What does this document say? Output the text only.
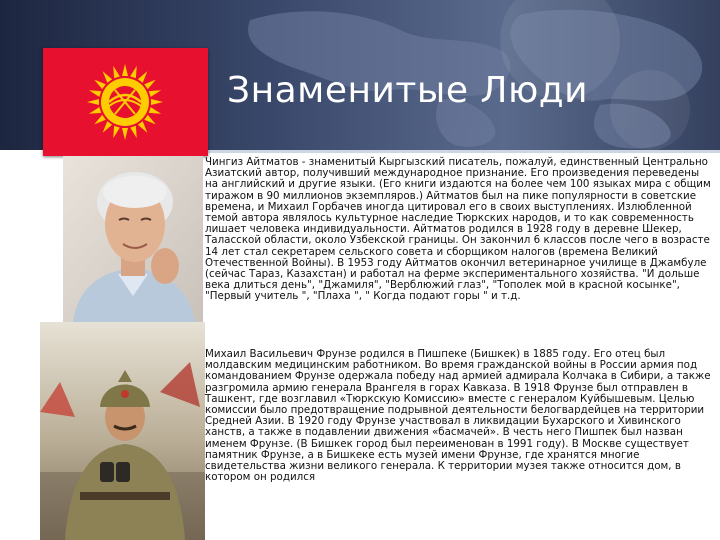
Знаменитые Люди

Чингиз Айтматов - знаменитый Кыргызский писатель, пожалуй, единственный Центрально Азиатский автор, получивший международное признание. Его произведения переведены на английский и другие языки. (Его книги издаются на более чем 100 языках мира с общим тиражом в 90 миллионов экземпляров.) Айтматов был на пике популярности в советские времена, и Михаил Горбачев иногда цитировал его в своих выступлениях. Излюбленной темой автора являлось культурное наследие Тюркских народов, и то как современность лишает человека индивидуальности. Айтматов родился в 1928 году в деревне Шекер, Таласской области, около Узбекской границы. Он закончил 6 классов после чего в возрасте 14 лет стал секретарем сельского совета и сборщиком налогов (времена Великий Отечественной Войны). В 1953 году Айтматов окончил ветеринарное училище в Джамбуле (сейчас Тараз, Казахстан) и работал на ферме экспериментального хозяйства. "И дольше века длиться день", "Джамиля", "Верблюжий глаз", "Тополек мой в красной косынке", "Первый учитель ", "Плаха ", " Когда подают горы " и т.д.

Михаил Васильевич Фрунзе родился в Пишпеке (Бишкек) в 1885 году. Его отец был молдавским медицинским работником. Во время гражданской войны в России армия под командованием Фрунзе одержала победу над армией адмирала Колчака в Сибири, а также разгромила армию генерала Врангеля в горах Кавказа. В 1918 Фрунзе был отправлен в Ташкент, где возглавил «Тюркскую Комиссию» вместе с генералом Куйбышевым. Целью комиссии было предотвращение подрывной деятельности белогвардейцев на территории Средней Азии. В 1920 году Фрунзе участвовал в ликвидации Бухарского и Хивинского ханств, а также в подавлении движения «басмачей». В честь него Пишпек был назван именем Фрунзе. (В Бишкек город был переименован в 1991 году). В Москве существует памятник Фрунзе, а в Бишкеке есть музей имени Фрунзе, где хранятся многие свидетельства жизни великого генерала. К территории музея также относится дом, в котором он родился
